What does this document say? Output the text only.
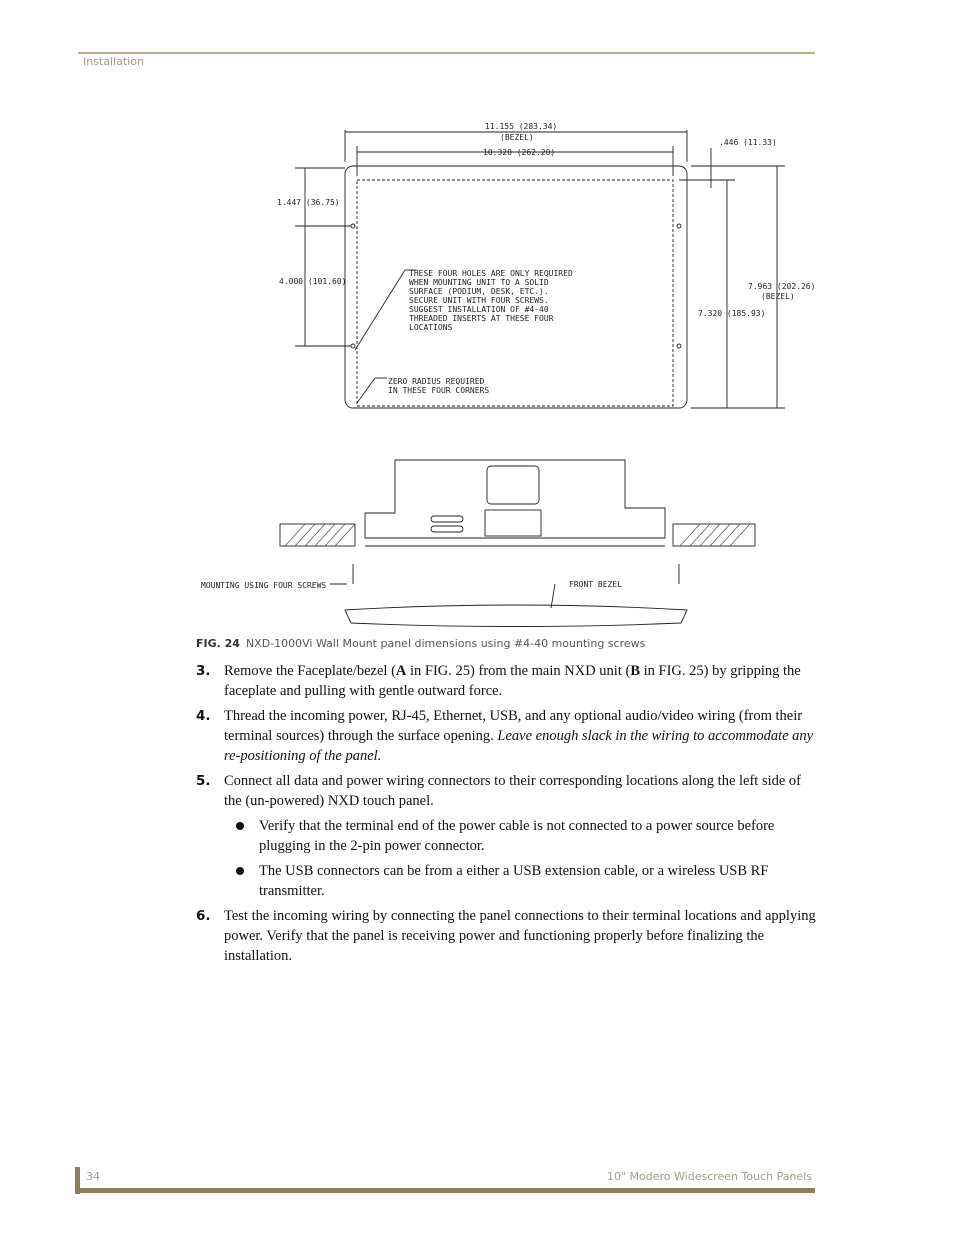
Installation
11.155 (283.34)
(BEZEL)
10.320 (262.20)
.446 (11.33)
1.447 (36.75)
4.000 (101.60)
7.320 (185.93)
7.963 (202.26)
(BEZEL)
THESE FOUR HOLES ARE ONLY REQUIRED
WHEN MOUNTING UNIT TO A SOLID
SURFACE (PODIUM, DESK, ETC.).
SECURE UNIT WITH FOUR SCREWS.
SUGGEST INSTALLATION OF #4-40
THREADED INSERTS AT THESE FOUR
LOCATIONS
ZERO RADIUS REQUIRED
IN THESE FOUR CORNERS
MOUNTING USING FOUR SCREWS	FRONT BEZEL
FIG. 24 NXD-1000Vi Wall Mount panel dimensions using #4-40 mounting screws
3. Remove the Faceplate/bezel (A in FIG. 25) from the main NXD unit (B in FIG. 25) by gripping the faceplate and pulling with gentle outward force.
4. Thread the incoming power, RJ-45, Ethernet, USB, and any optional audio/video wiring (from their terminal sources) through the surface opening. Leave enough slack in the wiring to accommodate any re-positioning of the panel.
5. Connect all data and power wiring connectors to their corresponding locations along the left side of the (un-powered) NXD touch panel.
Verify that the terminal end of the power cable is not connected to a power source before plugging in the 2-pin power connector.
The USB connectors can be from a either a USB extension cable, or a wireless USB RF transmitter.
6. Test the incoming wiring by connecting the panel connections to their terminal locations and applying power. Verify that the panel is receiving power and functioning properly before finalizing the installation.
34	10" Modero Widescreen Touch Panels
